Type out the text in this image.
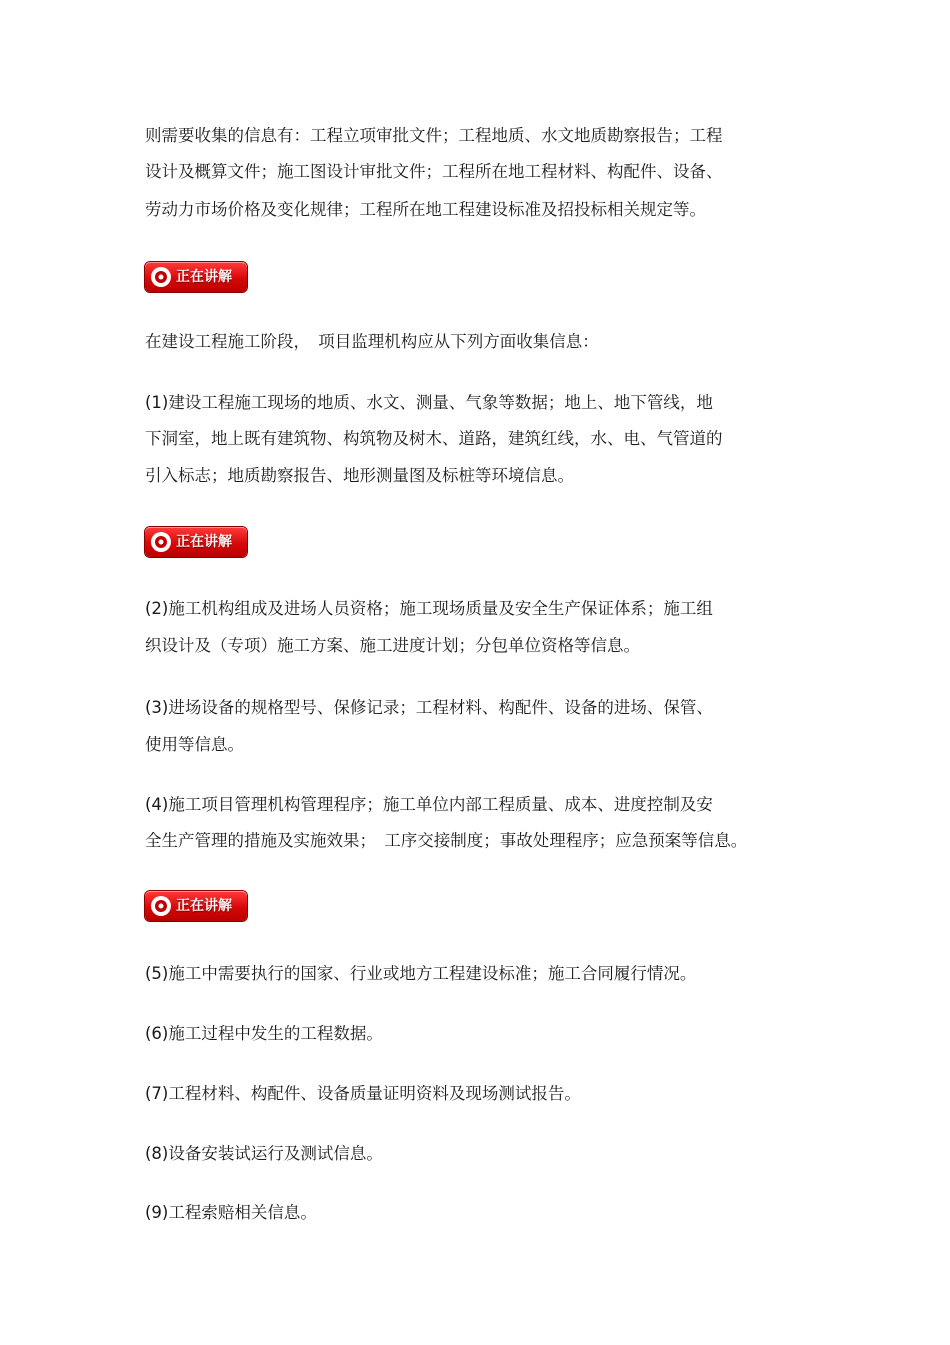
则需要收集的信息有：工程立项审批文件；工程地质、水文地质勘察报告；工程
设计及概算文件；施工图设计审批文件；工程所在地工程材料、构配件、设备、
劳动力市场价格及变化规律；工程所在地工程建设标准及招投标相关规定等。
正在讲解
在建设工程施工阶段，　项目监理机构应从下列方面收集信息：
(1)建设工程施工现场的地质、水文、测量、气象等数据；地上、地下管线，地
下洞室，地上既有建筑物、构筑物及树木、道路，建筑红线，水、电、气管道的
引入标志；地质勘察报告、地形测量图及标桩等环境信息。
正在讲解
(2)施工机构组成及进场人员资格；施工现场质量及安全生产保证体系；施工组
织设计及（专项）施工方案、施工进度计划；分包单位资格等信息。
(3)进场设备的规格型号、保修记录；工程材料、构配件、设备的进场、保管、
使用等信息。
(4)施工项目管理机构管理程序；施工单位内部工程质量、成本、进度控制及安
全生产管理的措施及实施效果；　工序交接制度；事故处理程序；应急预案等信息。
正在讲解
(5)施工中需要执行的国家、行业或地方工程建设标准；施工合同履行情况。
(6)施工过程中发生的工程数据。
(7)工程材料、构配件、设备质量证明资料及现场测试报告。
(8)设备安装试运行及测试信息。
(9)工程索赔相关信息。
